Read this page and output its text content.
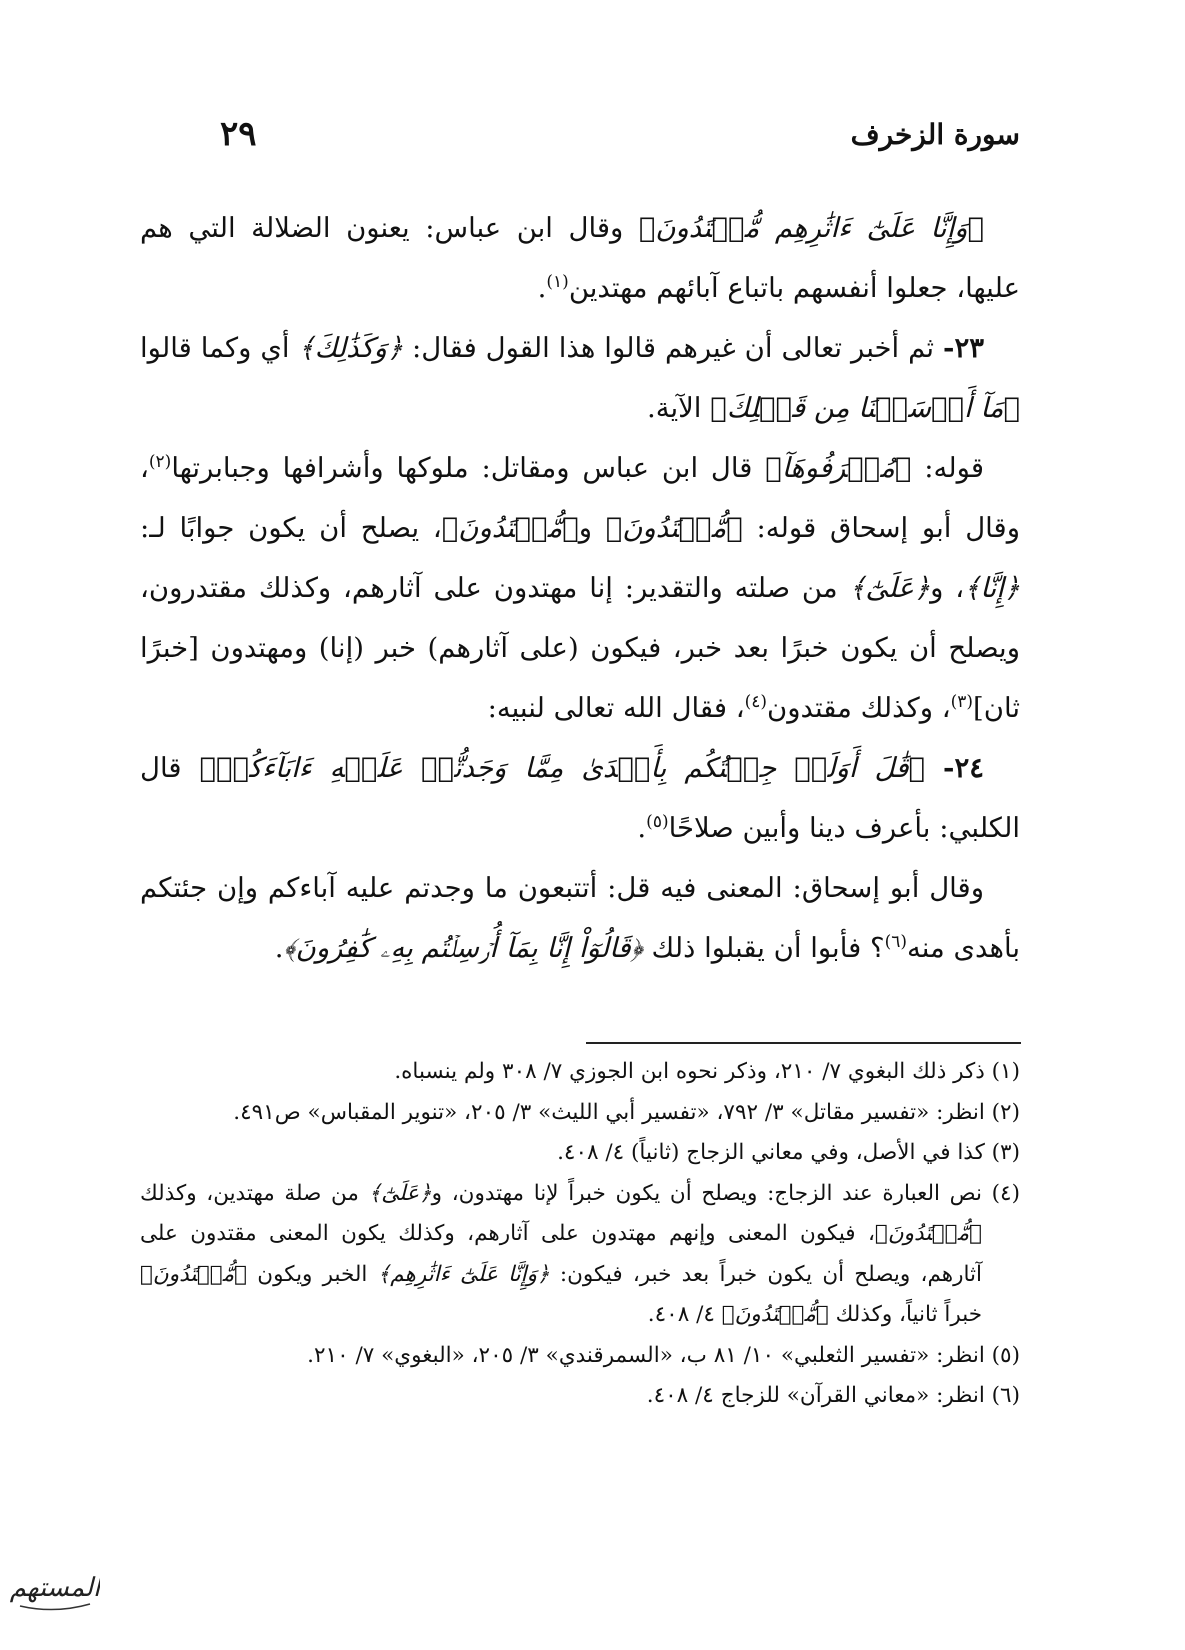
سورة الزخرف
٢٩

﴿وَإِنَّا عَلَىٰٓ ءَاثَٰرِهِم مُّهۡتَدُونَ﴾ وقال ابن عباس: يعنون الضلالة التي هم عليها، جعلوا أنفسهم باتباع آبائهم مهتدين$^{(١)}$.

٢٣- ثم أخبر تعالى أن غيرهم قالوا هذا القول فقال: ﴿وَكَذَٰلِكَ﴾ أي وكما قالوا ﴿مَآ أَرۡسَلۡنَا مِن قَبۡلِكَ﴾ الآية.

قوله: ﴿مُتۡرَفُوهَآ﴾ قال ابن عباس ومقاتل: ملوكها وأشرافها وجبابرتها$^{(٢)}$، وقال أبو إسحاق قوله: ﴿مُّهۡتَدُونَ﴾ و﴿مُّقۡتَدُونَ﴾، يصلح أن يكون جوابًا لـ: ﴿إِنَّا﴾، و﴿عَلَىٰٓ﴾ من صلته والتقدير: إنا مهتدون على آثارهم، وكذلك مقتدرون، ويصلح أن يكون خبرًا بعد خبر، فيكون (على آثارهم) خبر (إنا) ومهتدون [خبرًا ثان]$^{(٣)}$، وكذلك مقتدون$^{(٤)}$، فقال الله تعالى لنبيه:

٢٤- ﴿قَٰلَ أَوَلَوۡ جِئۡتُكُم بِأَهۡدَىٰ مِمَّا وَجَدتُّمۡ عَلَيۡهِ ءَابَآءَكُمۡ﴾ قال الكلبي: بأعرف دينا وأبين صلاحًا$^{(٥)}$.

وقال أبو إسحاق: المعنى فيه قل: أتتبعون ما وجدتم عليه آباءكم وإن جئتكم بأهدى منه$^{(٦)}$؟ فأبوا أن يقبلوا ذلك ﴿قَالُوٓاْ إِنَّا بِمَآ أُرۡسِلۡتُم بِهِۦ كَٰفِرُونَ﴾.

(١) ذكر ذلك البغوي ٧/ ٢١٠، وذكر نحوه ابن الجوزي ٧/ ٣٠٨ ولم ينسباه.

(٢) انظر: «تفسير مقاتل» ٣/ ٧٩٢، «تفسير أبي الليث» ٣/ ٢٠٥، «تنوير المقباس» ص٤٩١.

(٣) كذا في الأصل، وفي معاني الزجاج (ثانياً) ٤/ ٤٠٨.

(٤) نص العبارة عند الزجاج: ويصلح أن يكون خبراً لإنا مهتدون، و﴿عَلَىٰٓ﴾ من صلة مهتدين، وكذلك ﴿مُّقۡتَدُونَ﴾، فيكون المعنى وإنهم مهتدون على آثارهم، وكذلك يكون المعنى مقتدون على آثارهم، ويصلح أن يكون خبراً بعد خبر، فيكون: ﴿وَإِنَّا عَلَىٰٓ ءَاثَٰرِهِم﴾ الخبر ويكون ﴿مُّهۡتَدُونَ﴾ خبراً ثانياً، وكذلك ﴿مُّقۡتَدُونَ﴾ ٤/ ٤٠٨.

(٥) انظر: «تفسير الثعلبي» ١٠/ ٨١ ب، «السمرقندي» ٣/ ٢٠٥، «البغوي» ٧/ ٢١٠.

(٦) انظر: «معاني القرآن» للزجاج ٤/ ٤٠٨.

المستهم
